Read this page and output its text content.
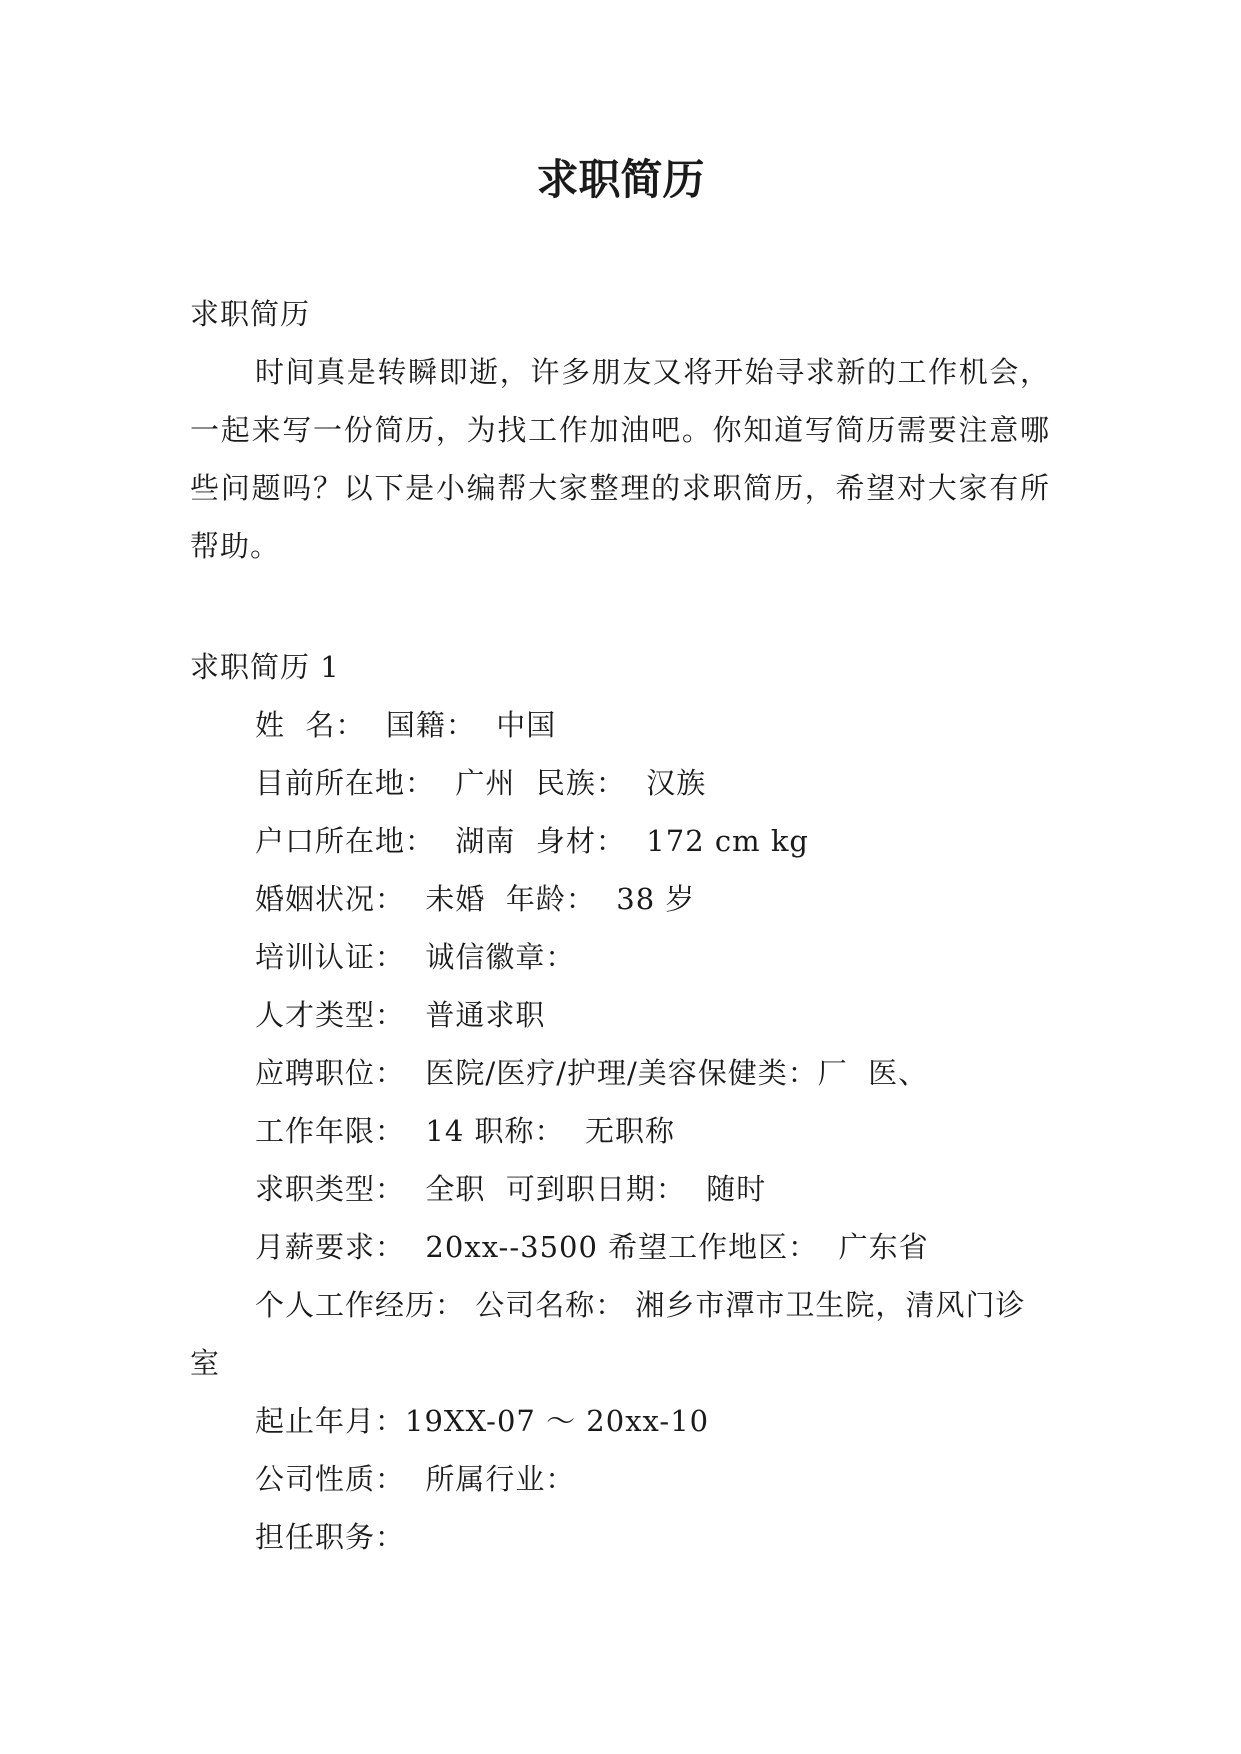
求职简历

求职简历

时间真是转瞬即逝，许多朋友又将开始寻求新的工作机会，一起来写一份简历，为找工作加油吧。你知道写简历需要注意哪些问题吗？以下是小编帮大家整理的求职简历，希望对大家有所帮助。

求职简历 1

姓  名：  国籍：  中国

目前所在地：  广州  民族：  汉族

户口所在地：  湖南  身材：  172 cm kg

婚姻状况：  未婚  年龄：  38 岁

培训认证：  诚信徽章：

人才类型：  普通求职

应聘职位：  医院/医疗/护理/美容保健类：厂  医、

工作年限：  14 职称：  无职称

求职类型：  全职  可到职日期：  随时

月薪要求：  20xx--3500 希望工作地区：  广东省

个人工作经历： 公司名称： 湘乡市潭市卫生院，清风门诊室

起止年月：19XX-07 ～ 20xx-10

公司性质：  所属行业：

担任职务：
